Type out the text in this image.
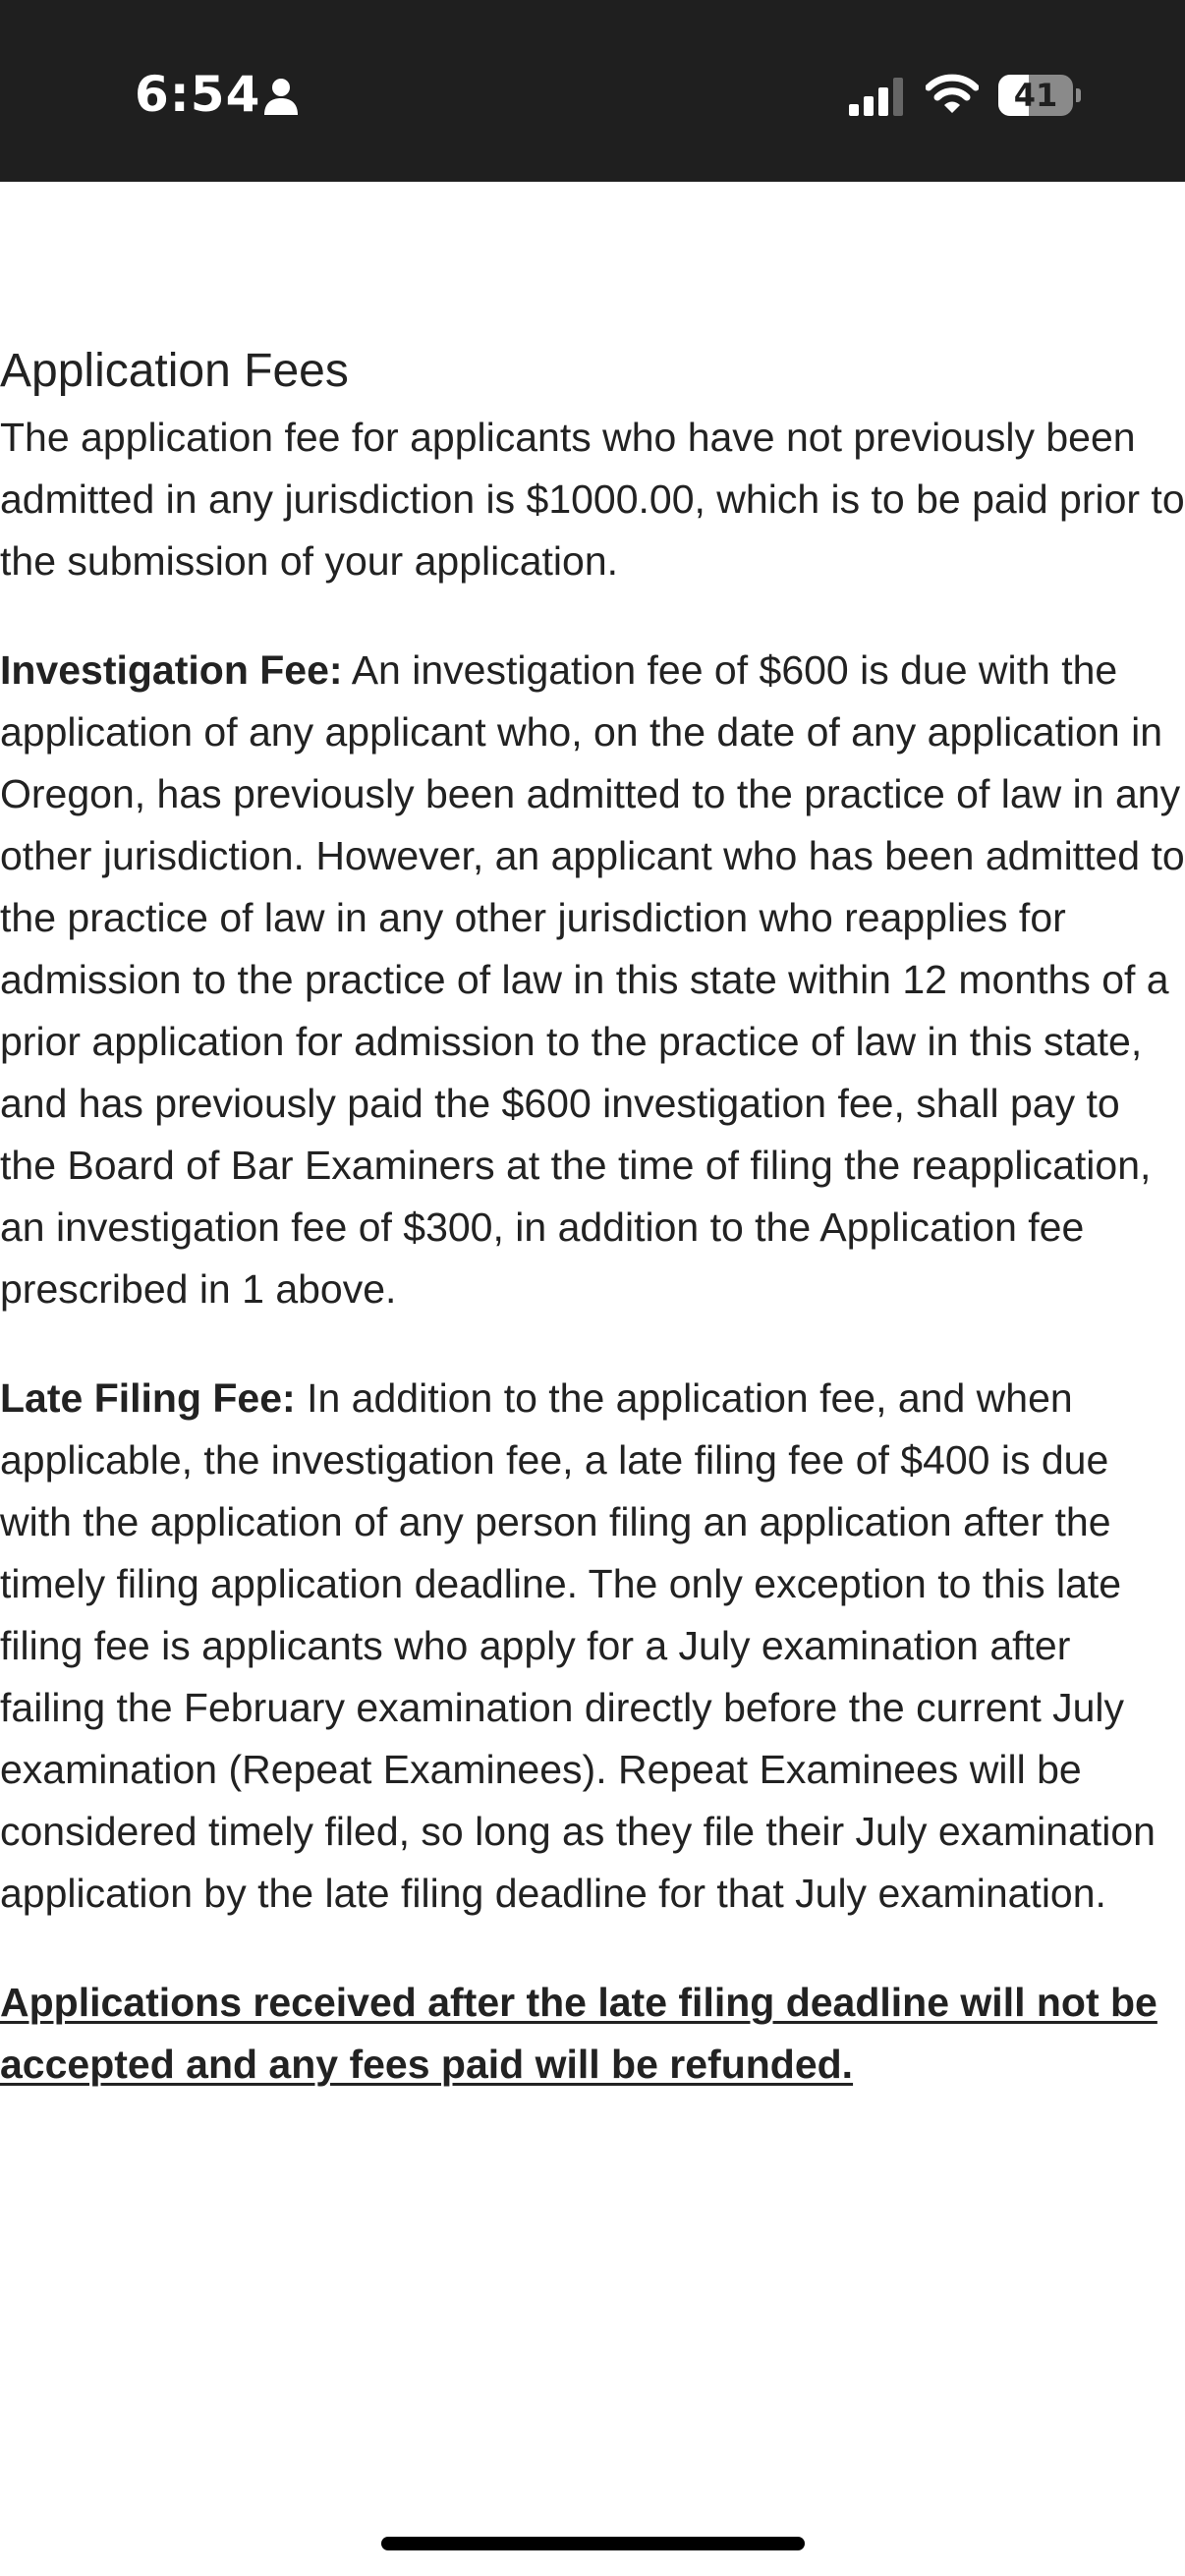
6:54	41
Application Fees

The application fee for applicants who have not previously been admitted in any jurisdiction is $1000.00, which is to be paid prior to the submission of your application.

Investigation Fee: An investigation fee of $600 is due with the application of any applicant who, on the date of any application in Oregon, has previously been admitted to the practice of law in any other jurisdiction. However, an applicant who has been admitted to the practice of law in any other jurisdiction who reapplies for admission to the practice of law in this state within 12 months of a prior application for admission to the practice of law in this state, and has previously paid the $600 investigation fee, shall pay to the Board of Bar Examiners at the time of filing the reapplication, an investigation fee of $300, in addition to the Application fee prescribed in 1 above.

Late Filing Fee: In addition to the application fee, and when applicable, the investigation fee, a late filing fee of $400 is due with the application of any person filing an application after the timely filing application deadline. The only exception to this late filing fee is applicants who apply for a July examination after failing the February examination directly before the current July examination (Repeat Examinees). Repeat Examinees will be considered timely filed, so long as they file their July examination application by the late filing deadline for that July examination.

Applications received after the late filing deadline will not be accepted and any fees paid will be refunded.
